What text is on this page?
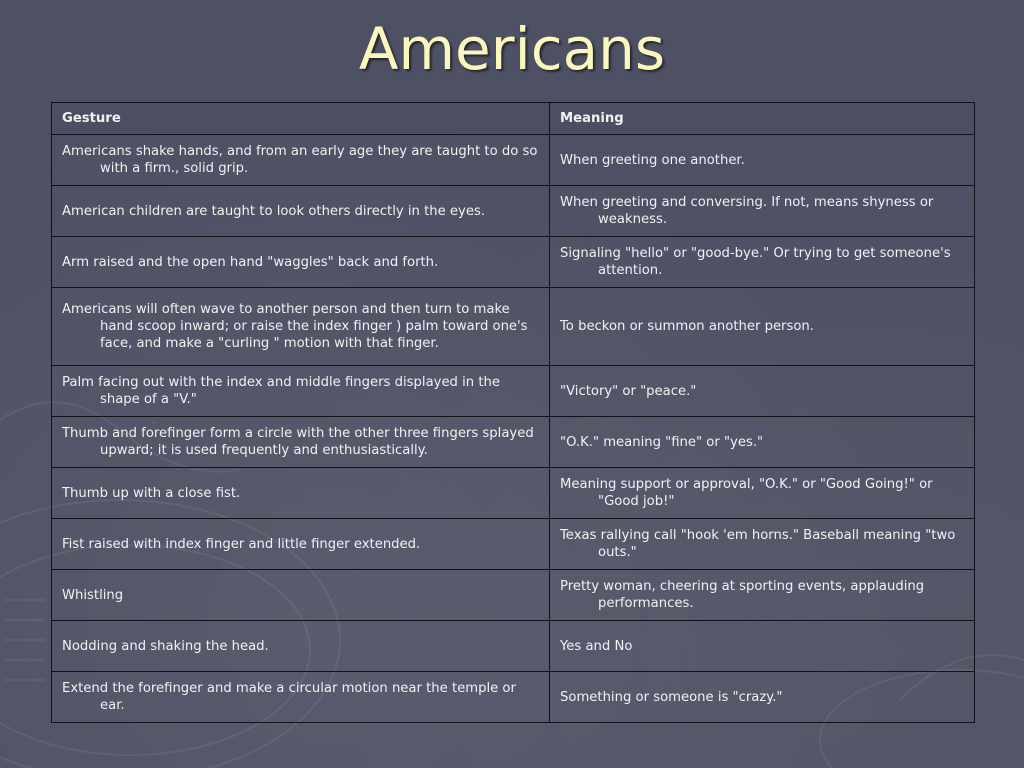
Americans
Gesture	Meaning

Americans shake hands, and from an early age they are taught to do so with a firm., solid grip.	When greeting one another.

American children are taught to look others directly in the eyes.	When greeting and conversing. If not, means shyness or weakness.

Arm raised and the open hand "waggles" back and forth.	Signaling "hello" or "good-bye." Or trying to get someone's attention.

Americans will often wave to another person and then turn to make hand scoop inward; or raise the index finger ) palm toward one's face, and make a "curling " motion with that finger.	To beckon or summon another person.

Palm facing out with the index and middle fingers displayed in the shape of a "V."	"Victory" or "peace."

Thumb and forefinger form a circle with the other three fingers splayed upward; it is used frequently and enthusiastically.	"O.K." meaning "fine" or "yes."

Thumb up with a close fist.	Meaning support or approval, "O.K." or "Good Going!" or "Good job!"

Fist raised with index finger and little finger extended.	Texas rallying call "hook 'em horns." Baseball meaning "two outs."

Whistling	Pretty woman, cheering at sporting events, applauding performances.

Nodding and shaking the head.	Yes and No

Extend the forefinger and make a circular motion near the temple or ear.	Something or someone is "crazy."
